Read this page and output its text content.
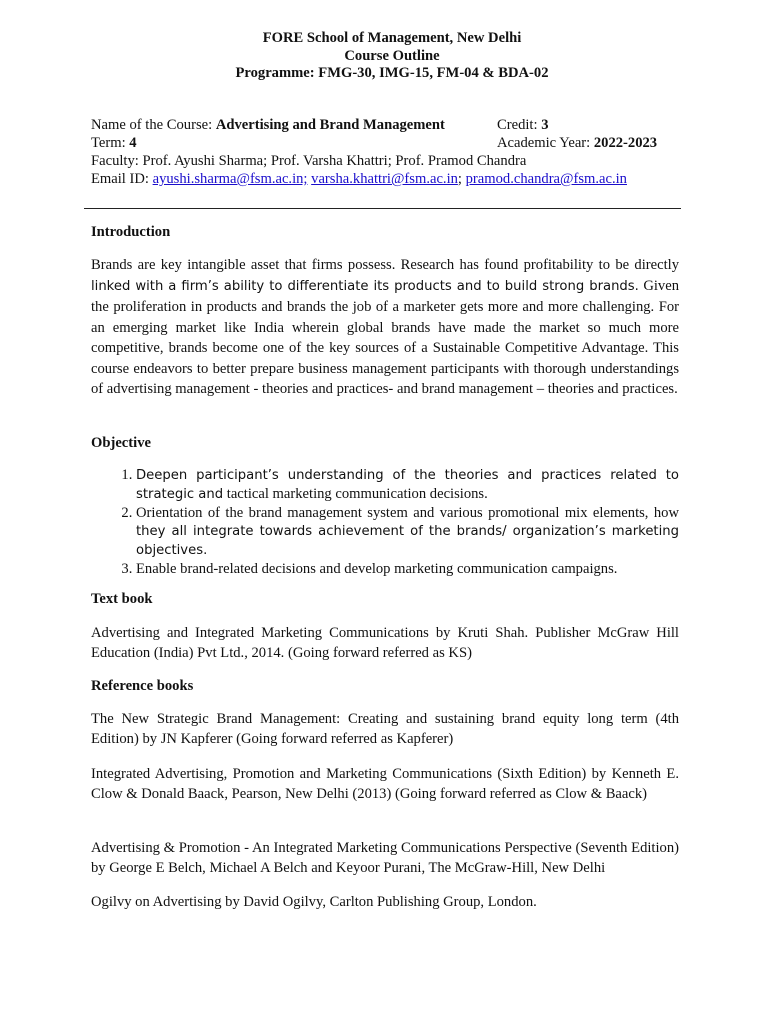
FORE School of Management, New Delhi
Course Outline
Programme: FMG-30, IMG-15, FM-04 & BDA-02
Name of the Course: Advertising and Brand Management	Credit: 3
Term: 4	Academic Year: 2022-2023
Faculty: Prof. Ayushi Sharma; Prof. Varsha Khattri; Prof. Pramod Chandra
Email ID: ayushi.sharma@fsm.ac.in; varsha.khattri@fsm.ac.in; pramod.chandra@fsm.ac.in
Introduction
Brands are key intangible asset that firms possess. Research has found profitability to be directly linked with a firm’s ability to differentiate its products and to build strong brands. Given the proliferation in products and brands the job of a marketer gets more and more challenging. For an emerging market like India wherein global brands have made the market so much more competitive, brands become one of the key sources of a Sustainable Competitive Advantage. This course endeavors to better prepare business management participants with thorough understandings of advertising management - theories and practices- and brand management – theories and practices.
Objective
1. Deepen participant’s understanding of the theories and practices related to strategic and tactical marketing communication decisions.
2. Orientation of the brand management system and various promotional mix elements, how they all integrate towards achievement of the brands/ organization’s marketing objectives.
3. Enable brand-related decisions and develop marketing communication campaigns.
Text book
Advertising and Integrated Marketing Communications by Kruti Shah. Publisher McGraw Hill Education (India) Pvt Ltd., 2014. (Going forward referred as KS)
Reference books
The New Strategic Brand Management: Creating and sustaining brand equity long term (4th Edition) by JN Kapferer (Going forward referred as Kapferer)
Integrated Advertising, Promotion and Marketing Communications (Sixth Edition) by Kenneth E. Clow & Donald Baack, Pearson, New Delhi (2013) (Going forward referred as Clow & Baack)
Advertising & Promotion - An Integrated Marketing Communications Perspective (Seventh Edition) by George E Belch, Michael A Belch and Keyoor Purani, The McGraw-Hill, New Delhi
Ogilvy on Advertising by David Ogilvy, Carlton Publishing Group, London.
